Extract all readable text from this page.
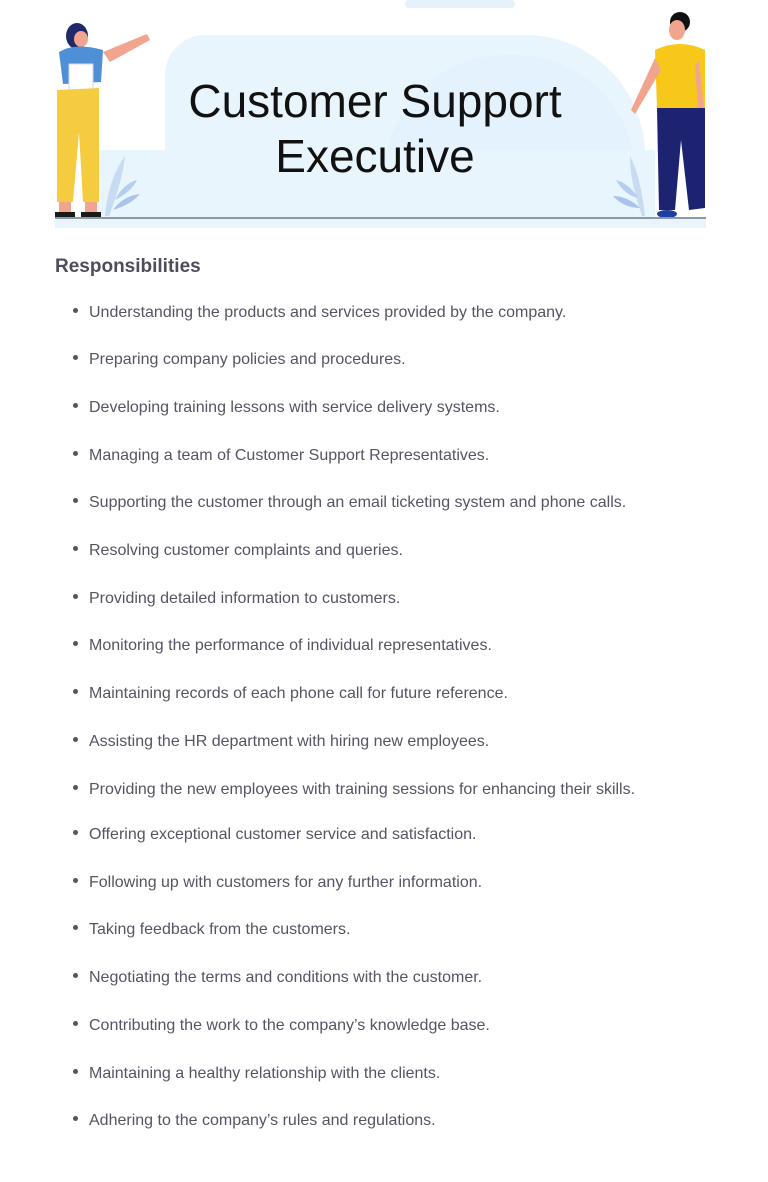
Customer Support
Executive
Responsibilities
Understanding the products and services provided by the company.
Preparing company policies and procedures.
Developing training lessons with service delivery systems.
Managing a team of Customer Support Representatives.
Supporting the customer through an email ticketing system and phone calls.
Resolving customer complaints and queries.
Providing detailed information to customers.
Monitoring the performance of individual representatives.
Maintaining records of each phone call for future reference.
Assisting the HR department with hiring new employees.
Providing the new employees with training sessions for enhancing their skills.
Offering exceptional customer service and satisfaction.
Following up with customers for any further information.
Taking feedback from the customers.
Negotiating the terms and conditions with the customer.
Contributing the work to the company’s knowledge base.
Maintaining a healthy relationship with the clients.
Adhering to the company’s rules and regulations.
